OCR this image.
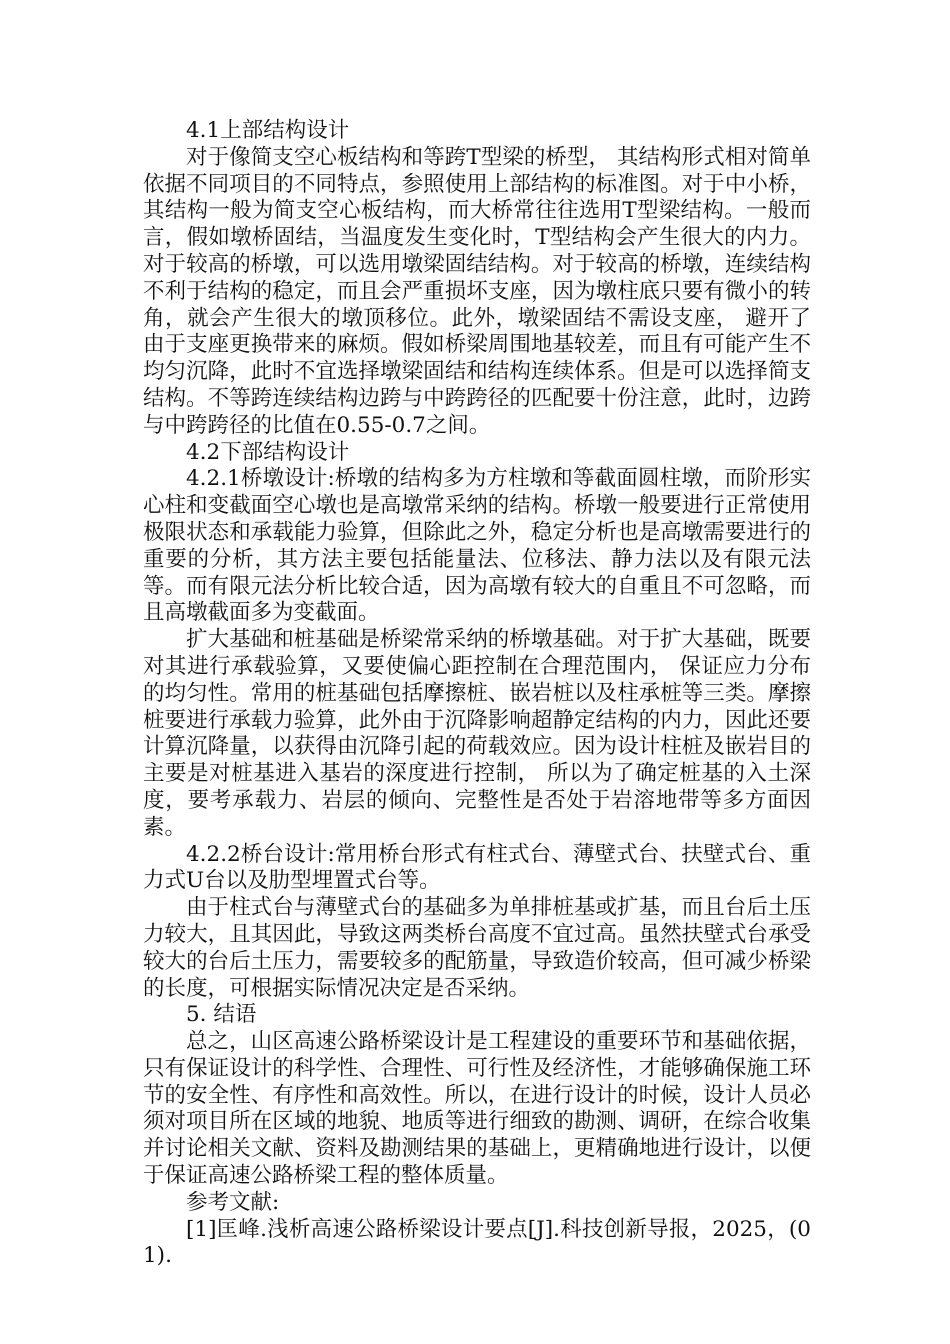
4.1上部结构设计

对于像简支空心板结构和等跨T型梁的桥型， 其结构形式相对简单依据不同项目的不同特点，参照使用上部结构的标准图。对于中小桥，其结构一般为简支空心板结构，而大桥常往往选用T型梁结构。一般而言，假如墩桥固结，当温度发生变化时，T型结构会产生很大的内力。对于较高的桥墩，可以选用墩梁固结结构。对于较高的桥墩，连续结构不利于结构的稳定，而且会严重损坏支座，因为墩柱底只要有微小的转角，就会产生很大的墩顶移位。此外，墩梁固结不需设支座， 避开了由于支座更换带来的麻烦。假如桥梁周围地基较差，而且有可能产生不均匀沉降，此时不宜选择墩梁固结和结构连续体系。但是可以选择简支结构。不等跨连续结构边跨与中跨跨径的匹配要十份注意，此时，边跨与中跨跨径的比值在0.55-0.7之间。

4.2下部结构设计

4.2.1桥墩设计:桥墩的结构多为方柱墩和等截面圆柱墩，而阶形实心柱和变截面空心墩也是高墩常采纳的结构。桥墩一般要进行正常使用极限状态和承载能力验算，但除此之外，稳定分析也是高墩需要进行的重要的分析，其方法主要包括能量法、位移法、静力法以及有限元法等。而有限元法分析比较合适，因为高墩有较大的自重且不可忽略，而且高墩截面多为变截面。

扩大基础和桩基础是桥梁常采纳的桥墩基础。对于扩大基础，既要对其进行承载验算，又要使偏心距控制在合理范围内， 保证应力分布的均匀性。常用的桩基础包括摩擦桩、嵌岩桩以及柱承桩等三类。摩擦桩要进行承载力验算，此外由于沉降影响超静定结构的内力，因此还要计算沉降量，以获得由沉降引起的荷载效应。因为设计柱桩及嵌岩目的主要是对桩基进入基岩的深度进行控制， 所以为了确定桩基的入土深度，要考承载力、岩层的倾向、完整性是否处于岩溶地带等多方面因素。

4.2.2桥台设计:常用桥台形式有柱式台、薄壁式台、扶壁式台、重力式U台以及肋型埋置式台等。

由于柱式台与薄壁式台的基础多为单排桩基或扩基，而且台后土压力较大，且其因此，导致这两类桥台高度不宜过高。虽然扶壁式台承受较大的台后土压力，需要较多的配筋量，导致造价较高，但可减少桥梁的长度，可根据实际情况决定是否采纳。

5. 结语

总之，山区高速公路桥梁设计是工程建设的重要环节和基础依据，只有保证设计的科学性、合理性、可行性及经济性，才能够确保施工环节的安全性、有序性和高效性。所以，在进行设计的时候，设计人员必须对项目所在区域的地貌、地质等进行细致的勘测、调研，在综合收集并讨论相关文献、资料及勘测结果的基础上，更精确地进行设计，以便于保证高速公路桥梁工程的整体质量。

参考文献:

[1]匡峰.浅析高速公路桥梁设计要点[J].科技创新导报，2025，(01).
